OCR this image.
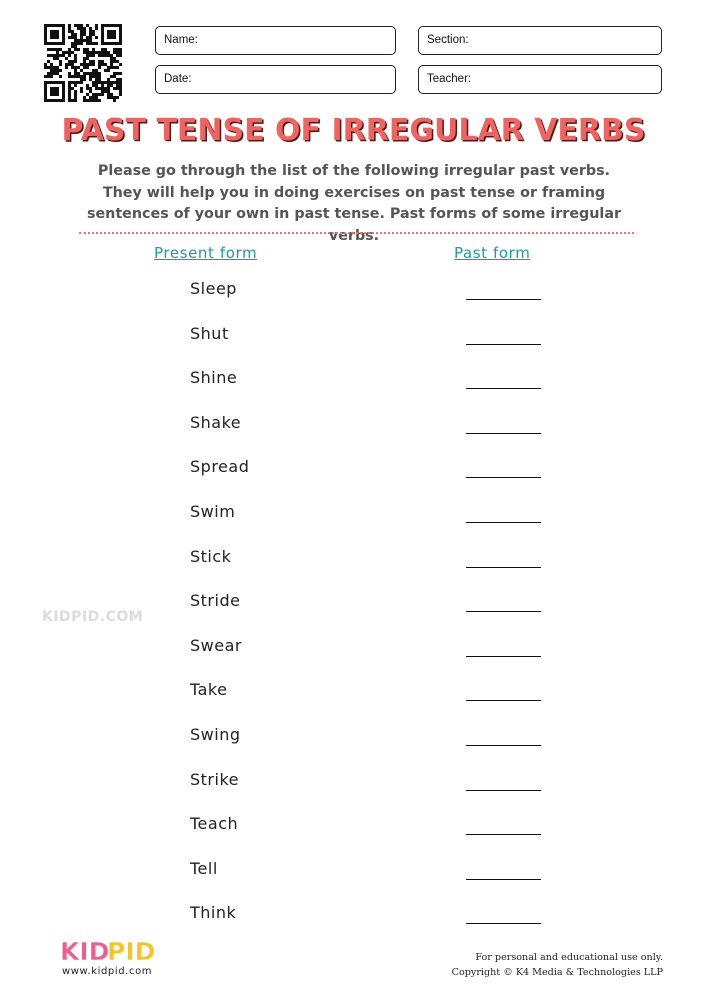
Name:	Section:
Date:	Teacher:
PAST TENSE OF IRREGULAR VERBS
Please go through the list of the following irregular past verbs. They will help you in doing exercises on past tense or framing sentences of your own in past tense. Past forms of some irregular verbs.
Present form	Past form
Sleep
Shut
Shine
Shake
Spread
Swim
Stick
Stride
Swear
Take
Swing
Strike
Teach
Tell
Think
KIDPID.COM
KID
PID
www.kidpid.com
For personal and educational use only.
Copyright © K4 Media & Technologies LLP
